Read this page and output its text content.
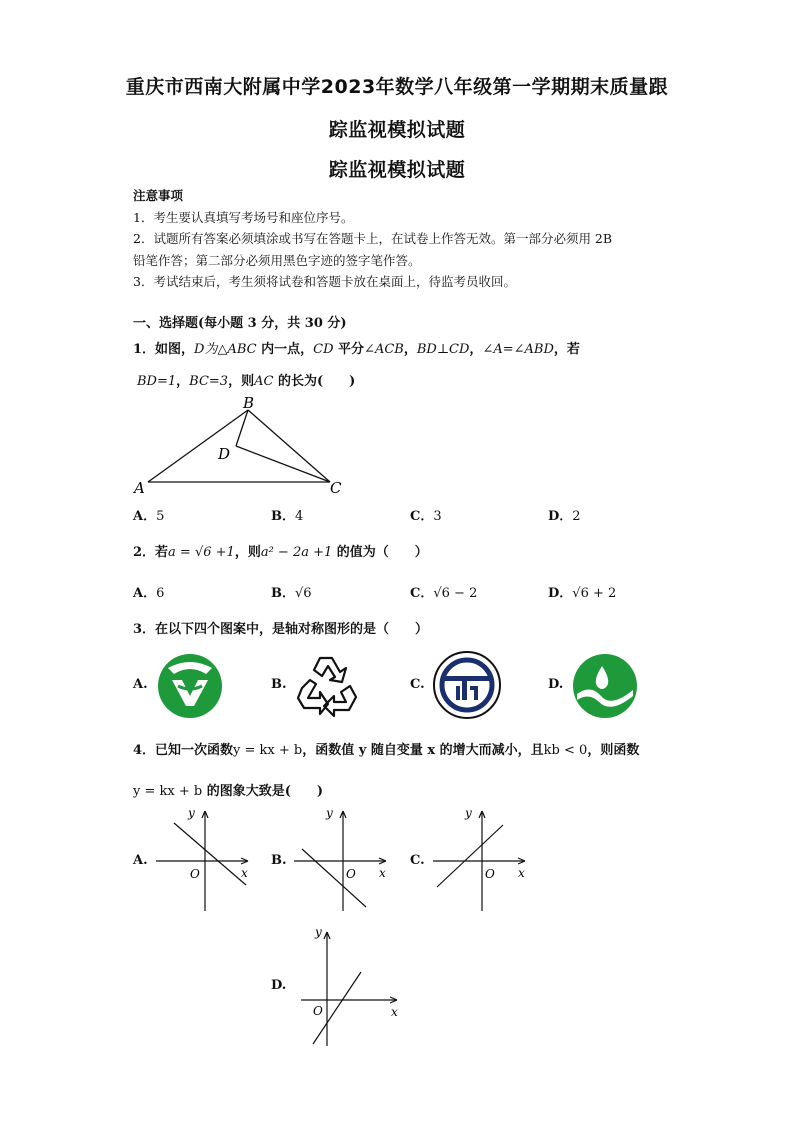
重庆市西南大附属中学2023年数学八年级第一学期期末质量跟
踪监视模拟试题
踪监视模拟试题
注意事项
1．考生要认真填写考场号和座位序号。
2．试题所有答案必须填涂或书写在答题卡上，在试卷上作答无效。第一部分必须用 2B
铅笔作答；第二部分必须用黑色字迹的签字笔作答。
3．考试结束后，考生须将试卷和答题卡放在桌面上，待监考员收回。
一、选择题(每小题 3 分，共 30 分)
1．如图，D为△ABC 内一点，CD 平分∠ACB，BD⊥CD，∠A=∠ABD，若
BD=1，BC=3，则AC 的长为(　　)
A
B
C
D
A．5	B．4	C．3	D．2
2．若a = √6 +1，则a² − 2a +1 的值为（　　）
A．6	B．√6	C．√6 − 2	D．√6 + 2
3．在以下四个图案中，是轴对称图形的是（　　）
A.	B.	C.	D.
4．已知一次函数y = kx + b，函数值 y 随自变量 x 的增大而减小，且kb < 0，则函数
y = kx + b 的图象大致是(　　)
A.
y
x
O
B.
y
x
O
C.
y
x
O
D.
y
x
O
